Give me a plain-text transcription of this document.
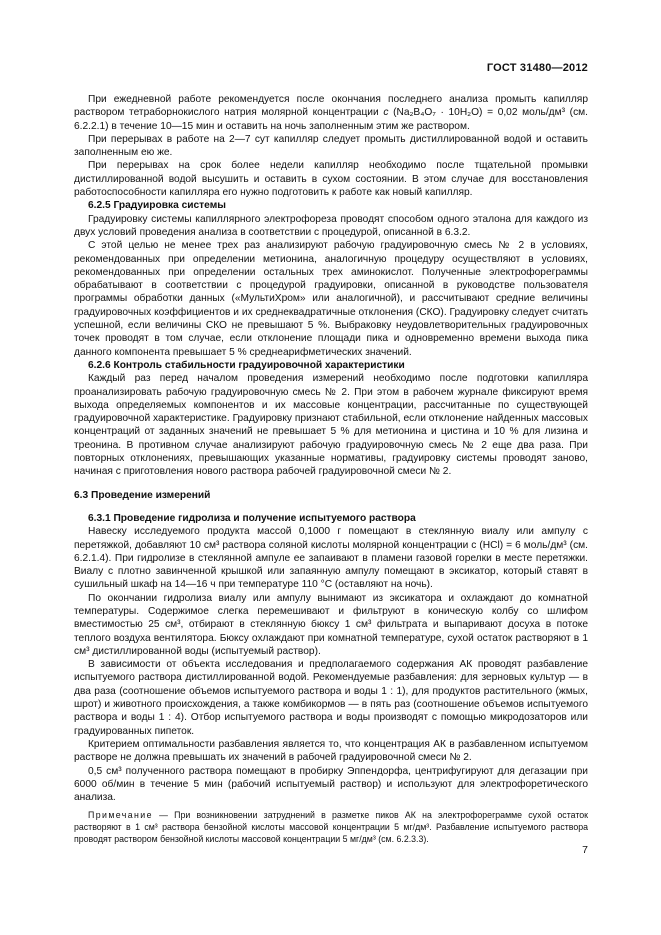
ГОСТ 31480—2012

При ежедневной работе рекомендуется после окончания последнего анализа промыть капилляр раствором тетраборнокислого натрия молярной концентрации c (Na₂B₄O₇ · 10H₂O) = 0,02 моль/дм³ (см. 6.2.2.1) в течение 10—15 мин и оставить на ночь заполненным этим же раствором.

При перерывах в работе на 2—7 сут капилляр следует промыть дистиллированной водой и оставить заполненным ею же.

При перерывах на срок более недели капилляр необходимо после тщательной промывки дистиллированной водой высушить и оставить в сухом состоянии. В этом случае для восстановления работоспособности капилляра его нужно подготовить к работе как новый капилляр.

6.2.5 Градуировка системы

Градуировку системы капиллярного электрофореза проводят способом одного эталона для каждого из двух условий проведения анализа в соответствии с процедурой, описанной в 6.3.2.

С этой целью не менее трех раз анализируют рабочую градуировочную смесь № 2 в условиях, рекомендованных при определении метионина, аналогичную процедуру осуществляют в условиях, рекомендованных при определении остальных трех аминокислот. Полученные электрофореграммы обрабатывают в соответствии с процедурой градуировки, описанной в руководстве пользователя программы обработки данных («МультиХром» или аналогичной), и рассчитывают средние величины градуировочных коэффициентов и их среднеквадратичные отклонения (СКО). Градуировку следует считать успешной, если величины СКО не превышают 5 %. Выбраковку неудовлетворительных градуировочных точек проводят в том случае, если отклонение площади пика и одновременно времени выхода пика данного компонента превышает 5 % среднеарифметических значений.

6.2.6 Контроль стабильности градуировочной характеристики

Каждый раз перед началом проведения измерений необходимо после подготовки капилляра проанализировать рабочую градуировочную смесь № 2. При этом в рабочем журнале фиксируют время выхода определяемых компонентов и их массовые концентрации, рассчитанные по существующей градуировочной характеристике. Градуировку признают стабильной, если отклонение найденных массовых концентраций от заданных значений не превышает 5 % для метионина и цистина и 10 % для лизина и треонина. В противном случае анализируют рабочую градуировочную смесь № 2 еще два раза. При повторных отклонениях, превышающих указанные нормативы, градуировку системы проводят заново, начиная с приготовления нового раствора рабочей градуировочной смеси № 2.

6.3 Проведение измерений

6.3.1 Проведение гидролиза и получение испытуемого раствора

Навеску исследуемого продукта массой 0,1000 г помещают в стеклянную виалу или ампулу с перетяжкой, добавляют 10 см³ раствора соляной кислоты молярной концентрации c (HCl) = 6 моль/дм³ (см. 6.2.1.4). При гидролизе в стеклянной ампуле ее запаивают в пламени газовой горелки в месте перетяжки. Виалу с плотно завинченной крышкой или запаянную ампулу помещают в эксикатор, который ставят в сушильный шкаф на 14—16 ч при температуре 110 °С (оставляют на ночь).

По окончании гидролиза виалу или ампулу вынимают из эксикатора и охлаждают до комнатной температуры. Содержимое слегка перемешивают и фильтруют в коническую колбу со шлифом вместимостью 25 см³, отбирают в стеклянную бюксу 1 см³ фильтрата и выпаривают досуха в потоке теплого воздуха вентилятора. Бюксу охлаждают при комнатной температуре, сухой остаток растворяют в 1 см³ дистиллированной воды (испытуемый раствор).

В зависимости от объекта исследования и предполагаемого содержания АК проводят разбавление испытуемого раствора дистиллированной водой. Рекомендуемые разбавления: для зерновых культур — в два раза (соотношение объемов испытуемого раствора и воды 1 : 1), для продуктов растительного (жмых, шрот) и животного происхождения, а также комбикормов — в пять раз (соотношение объемов испытуемого раствора и воды 1 : 4). Отбор испытуемого раствора и воды производят с помощью микродозаторов или градуированных пипеток.

Критерием оптимальности разбавления является то, что концентрация АК в разбавленном испытуемом растворе не должна превышать их значений в рабочей градуировочной смеси № 2.

0,5 см³ полученного раствора помещают в пробирку Эппендорфа, центрифугируют для дегазации при 6000 об/мин в течение 5 мин (рабочий испытуемый раствор) и используют для электрофоретического анализа.

Примечание — При возникновении затруднений в разметке пиков АК на электрофореграмме сухой остаток растворяют в 1 см³ раствора бензойной кислоты массовой концентрации 5 мг/дм³. Разбавление испытуемого раствора проводят раствором бензойной кислоты массовой концентрации 5 мг/дм³ (см. 6.2.3.3).

7
